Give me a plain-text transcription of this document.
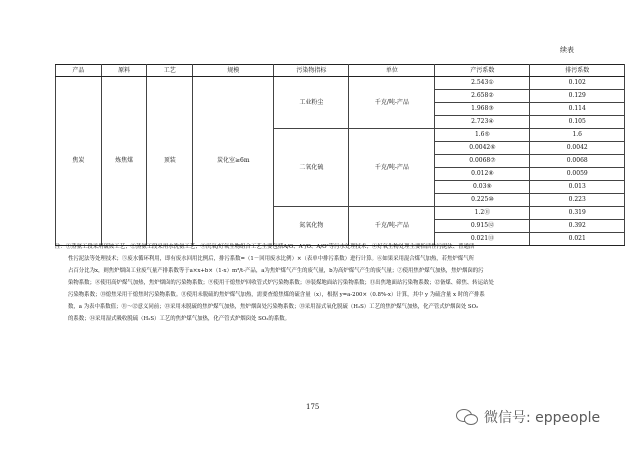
续表
产品	原料	工艺	规模	污染物指标	单位	产污系数	排污系数
焦炭	炼焦煤	顶装	炭化室≥6m	工业粉尘	千克/吨-产品	2.543①	0.102
						2.658②	0.129
						1.968③	0.114
						2.723④	0.105
				二氧化硫	千克/吨-产品	1.6⑤	1.6
						0.0042⑥	0.0042
						0.0068⑦	0.0068
						0.012⑧	0.0059
						0.03⑨	0.013
						0.225⑩	0.223
				氮氧化物	千克/吨-产品	1.2⑪	0.319
						0.915⑫	0.392
						0.021⑬	0.021

注：①蒸氨工段采用硫铵工艺；②蒸氨工段采用水洗氨工艺；③沉氧/好氧生物组合工艺主要包括A/O、A²/O、A/O²等污水处理技术；④好氧生物处理主要指活性污泥法、普通活

性污泥法等处理技术；⑤废水循环利用，即有废水回用比例后，排污系数=（1－回用废水比例）×（表单中排污系数）进行计算。⑥如果采用混合煤气加热，若焦炉煤气所

占百分比为x，则焦炉烟囱工业废气量产排系数等于a×x+b×（1-x）m³/t-产品，a为焦炉煤气产生的废气量，b为高炉煤气产生的废气量；⑦使用焦炉煤气加热，焦炉烟囱的污

染物系数；⑧使用高炉煤气加热，焦炉烟囱的污染物系数；⑨使用干熄焦炉回收管式炉污染物系数；⑩装煤地面站污染物系数；⑪出焦地面站污染物系数；⑫备煤、筛焦、转运站处

污染物系数；⑬熄焦采用干熄焦时污染物系数。⑪使用未脱硫的焦炉煤气加热，需要查熄焦煤的硫含量（x），根据 y=a-200×（0.8%-x）计算，其中 y 为硫含量 x 时的产排系

数，a 为表中系数值；⑪～⑫意义同前；⑬采用未脱硫的焦炉煤气加热，焦炉烟囱处污染物系数；⑬采用湿式氧化脱硫（H₂S）工艺的焦炉煤气加热，化产管式炉烟囱处 SO₂

的系数；⑭采用湿式吸收脱硫（H₂S）工艺的焦炉煤气加热，化产管式炉烟囱处 SO₂的系数。

175
微信号: eppeople
